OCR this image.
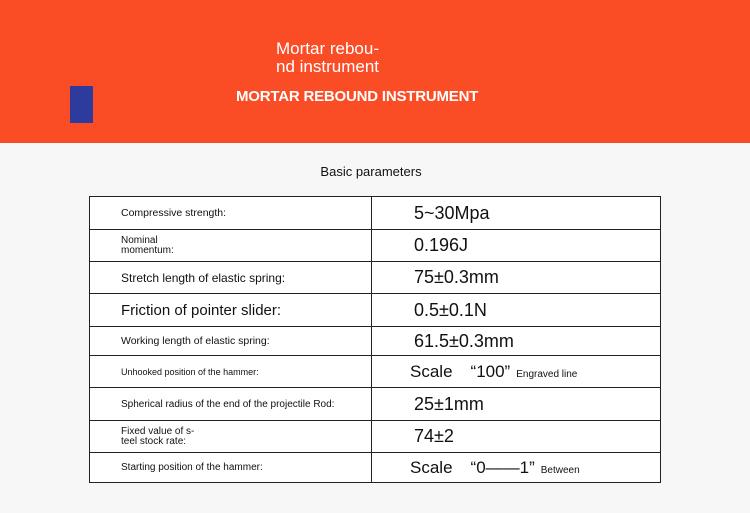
Mortar rebou-
nd instrument
MORTAR REBOUND INSTRUMENT
Basic parameters
Compressive strength:	5~30Mpa
Nominal
momentum:	0.196J
Stretch length of elastic spring:	75±0.3mm
Friction of pointer slider:	0.5±0.1N
Working length of elastic spring:	61.5±0.3mm
Unhooked position of the hammer:	Scale “100” Engraved line
Spherical radius of the end of the projectile Rod:	25±1mm
Fixed value of s-
teel stock rate:	74±2
Starting position of the hammer:	Scale “0——1” Between
